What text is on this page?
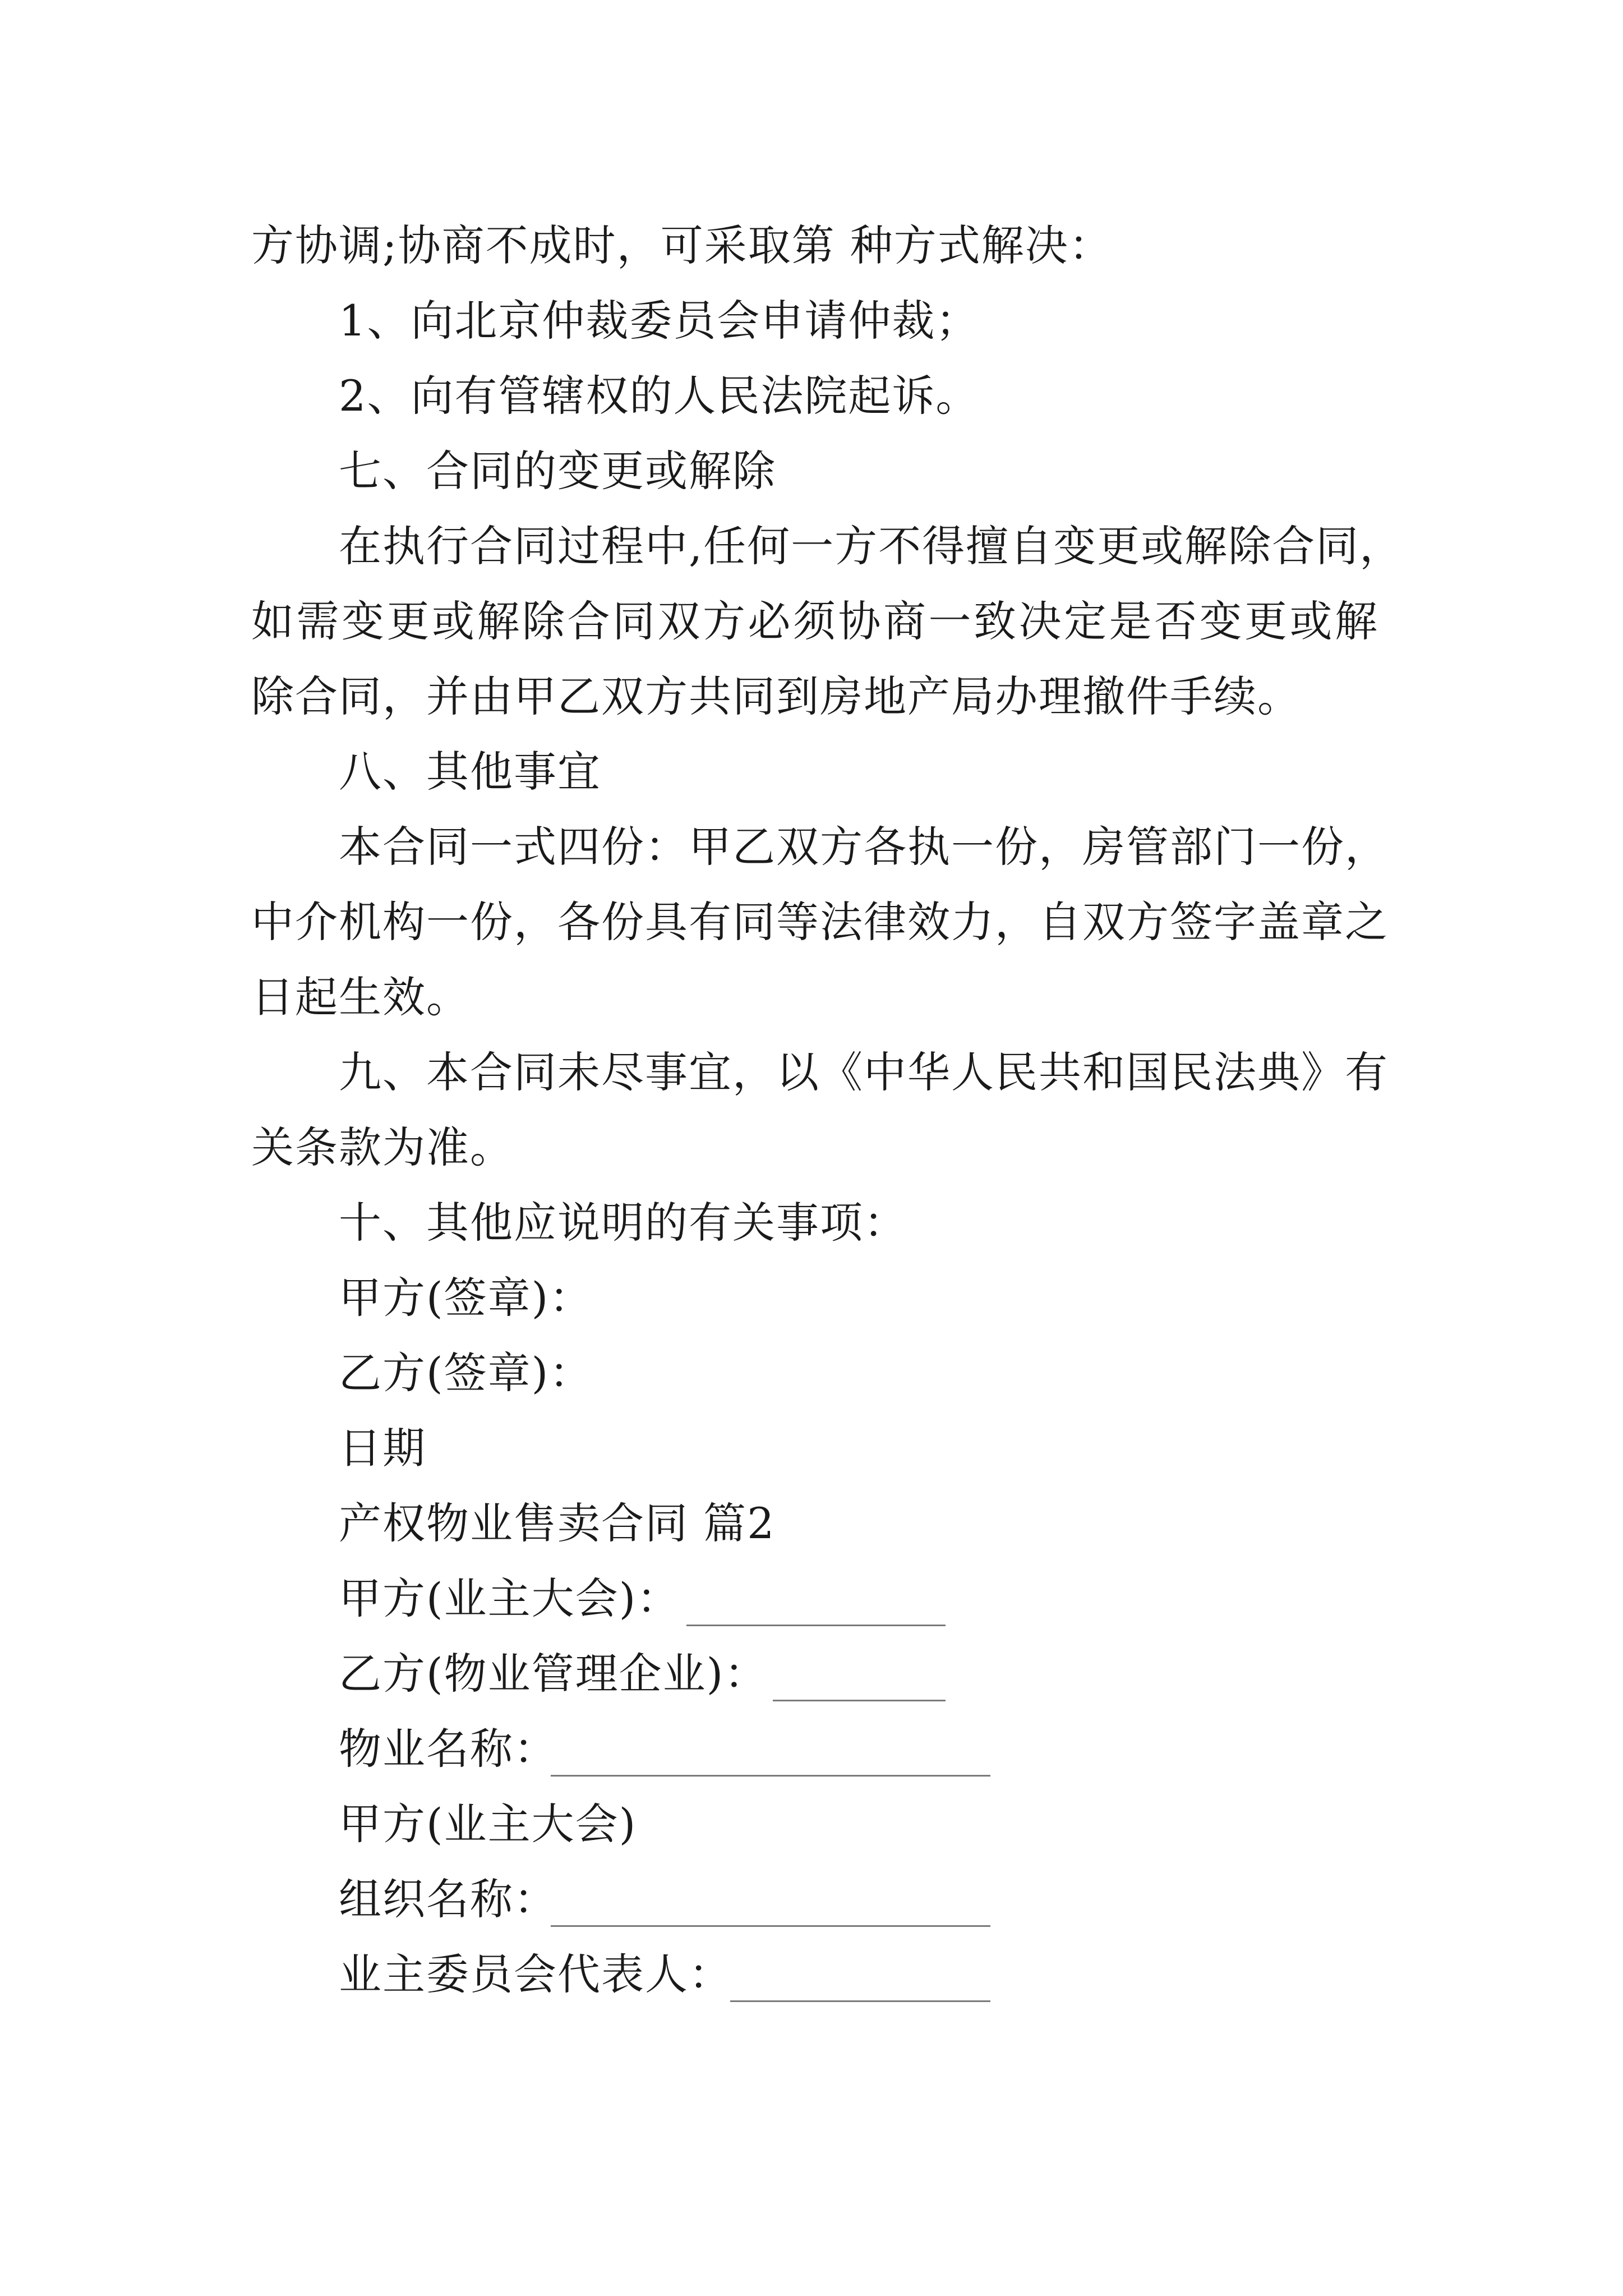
方协调;协商不成时，可采取第 种方式解决：
1、向北京仲裁委员会申请仲裁；
2、向有管辖权的人民法院起诉。
七、合同的变更或解除
在执行合同过程中,任何一方不得擅自变更或解除合同，
如需变更或解除合同双方必须协商一致决定是否变更或解
除合同，并由甲乙双方共同到房地产局办理撤件手续。
八、其他事宜
本合同一式四份：甲乙双方各执一份，房管部门一份，
中介机构一份，各份具有同等法律效力，自双方签字盖章之
日起生效。
九、本合同未尽事宜，以《中华人民共和国民法典》有
关条款为准。
十、其他应说明的有关事项：
甲方(签章)：
乙方(签章)：
日期
产权物业售卖合同 篇2
甲方(业主大会)：
乙方(物业管理企业)：
物业名称：
甲方(业主大会)
组织名称：
业主委员会代表人：
